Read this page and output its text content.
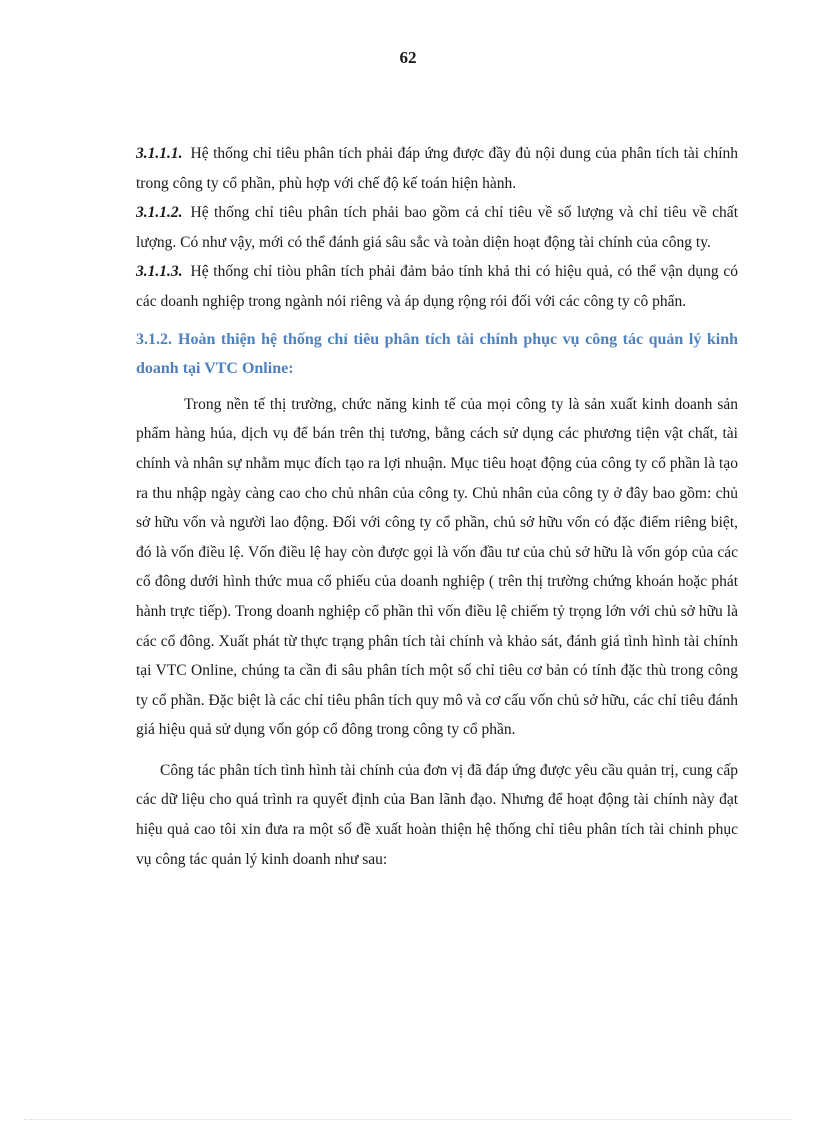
62

3.1.1.1. Hệ thống chỉ tiêu phân tích phải đáp ứng được đầy đủ nội dung của phân tích tài chính trong công ty cổ phần, phù hợp với chế độ kế toán hiện hành.

3.1.1.2. Hệ thống chỉ tiêu phân tích phải bao gồm cả chỉ tiêu về số lượng và chỉ tiêu về chất lượng. Có như vậy, mới có thể đánh giá sâu sắc và toàn diện hoạt động tài chính của công ty.

3.1.1.3. Hệ thống chỉ tiòu phân tích phải đảm bảo tính khả thi có hiệu quả, có thể vận dụng có các doanh nghiệp trong ngành nói riêng và áp dụng rộng rói đối với các công ty cô phẩn.

3.1.2. Hoàn thiện hệ thống chỉ tiêu phân tích tài chính phục vụ công tác quản lý kinh doanh tại VTC Online:

Trong nền tế thị trường, chức năng kinh tế của mọi công ty là sản xuất kinh doanh sản phẩm hàng húa, dịch vụ để bán trên thị tương, bằng cách sử dụng các phương tiện vật chất, tài chính và nhân sự nhằm mục đích tạo ra lợi nhuận. Mục tiêu hoạt động của công ty cổ phần là tạo ra thu nhập ngày càng cao cho chủ nhân của công ty. Chủ nhân của công ty ở đây bao gồm: chủ sở hữu vốn và người lao động. Đối với công ty cổ phần, chủ sở hữu vốn có đặc điểm riêng biệt, đó là vốn điều lệ. Vốn điều lệ hay còn được gọi là vốn đầu tư của chủ sở hữu là vốn góp của các cổ đông dưới hình thức mua cổ phiếu của doanh nghiệp ( trên thị trường chứng khoán hoặc phát hành trực tiếp). Trong doanh nghiệp cổ phần thì vốn điều lệ chiếm tỷ trọng lớn với chủ sở hữu là các cổ đông. Xuất phát từ thực trạng phân tích tài chính và khảo sát, đánh giá tình hình tài chính tại VTC Online, chúng ta cần đi sâu phân tích một số chỉ tiêu cơ bản có tính đặc thù trong công ty cổ phần. Đặc biệt là các chỉ tiêu phân tích quy mô và cơ cấu vốn chủ sở hữu, các chỉ tiêu đánh giá hiệu quả sử dụng vốn góp cổ đông trong công ty cổ phần.

Công tác phân tích tình hình tài chính của đơn vị đã đáp ứng được yêu cầu quản trị, cung cấp các dữ liệu cho quá trình ra quyết định của Ban lãnh đạo. Nhưng để hoạt động tài chính này đạt hiệu quả cao tôi xin đưa ra một số đề xuất hoàn thiện hệ thống chỉ tiêu phân tích tài chinh phục vụ công tác quản lý kinh doanh như sau:
